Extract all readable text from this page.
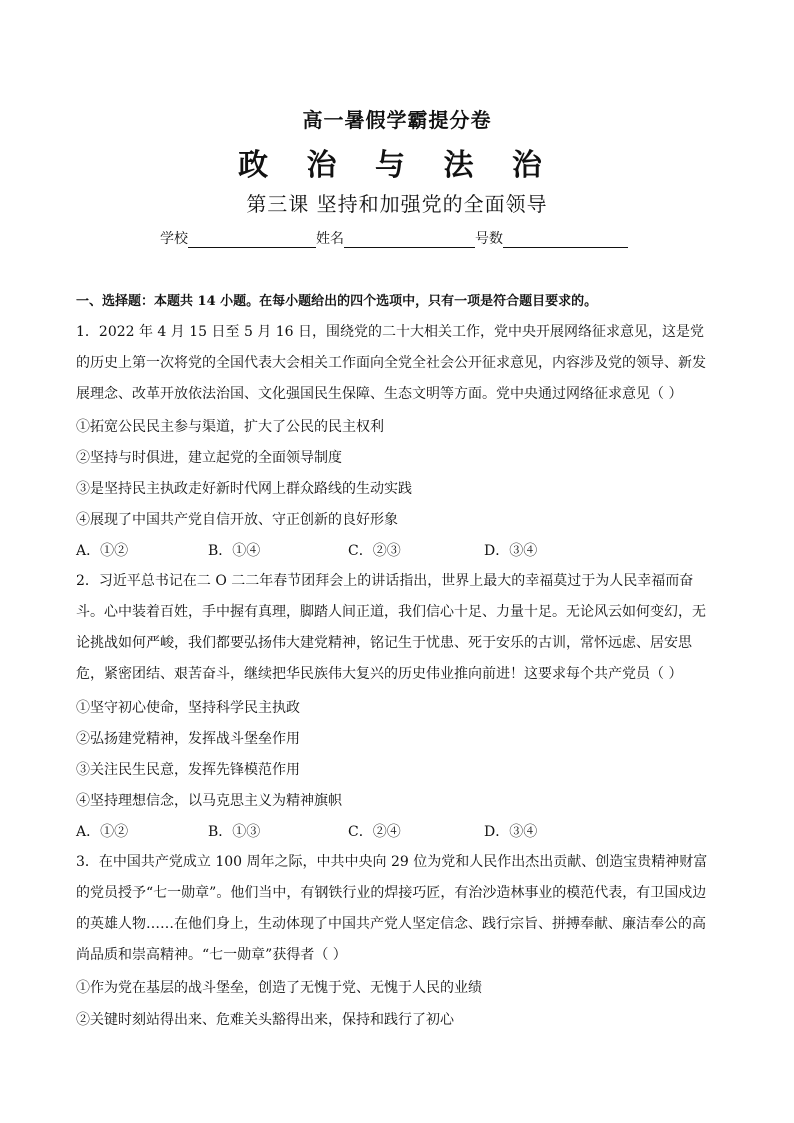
高一暑假学霸提分卷
政 治 与 法 治
第三课 坚持和加强党的全面领导
学校	姓名	号数
一、选择题：本题共 14 小题。在每小题给出的四个选项中，只有一项是符合题目要求的。
1．2022 年 4 月 15 日至 5 月 16 日，围绕党的二十大相关工作，党中央开展网络征求意见，这是党的历史上第一次将党的全国代表大会相关工作面向全党全社会公开征求意见，内容涉及党的领导、新发展理念、改革开放依法治国、文化强国民生保障、生态文明等方面。党中央通过网络征求意见（ ）
①拓宽公民民主参与渠道，扩大了公民的民主权利
②坚持与时俱进，建立起党的全面领导制度
③是坚持民主执政走好新时代网上群众路线的生动实践
④展现了中国共产党自信开放、守正创新的良好形象
A．①②	B．①④	C．②③	D．③④
2．习近平总书记在二 O 二二年春节团拜会上的讲话指出，世界上最大的幸福莫过于为人民幸福而奋斗。心中装着百姓，手中握有真理，脚踏人间正道，我们信心十足、力量十足。无论风云如何变幻，无论挑战如何严峻，我们都要弘扬伟大建党精神，铭记生于忧患、死于安乐的古训，常怀远虑、居安思危，紧密团结、艰苦奋斗，继续把华民族伟大复兴的历史伟业推向前进！这要求每个共产党员（ ）
①坚守初心使命，坚持科学民主执政
②弘扬建党精神，发挥战斗堡垒作用
③关注民生民意，发挥先锋模范作用
④坚持理想信念，以马克思主义为精神旗帜
A．①②	B．①③	C．②④	D．③④
3．在中国共产党成立 100 周年之际，中共中央向 29 位为党和人民作出杰出贡献、创造宝贵精神财富的党员授予“七一勋章”。他们当中，有钢铁行业的焊接巧匠，有治沙造林事业的模范代表，有卫国戍边的英雄人物……在他们身上，生动体现了中国共产党人坚定信念、践行宗旨、拼搏奉献、廉洁奉公的高尚品质和崇高精神。“七一勋章”获得者（ ）
①作为党在基层的战斗堡垒，创造了无愧于党、无愧于人民的业绩
②关键时刻站得出来、危难关头豁得出来，保持和践行了初心
